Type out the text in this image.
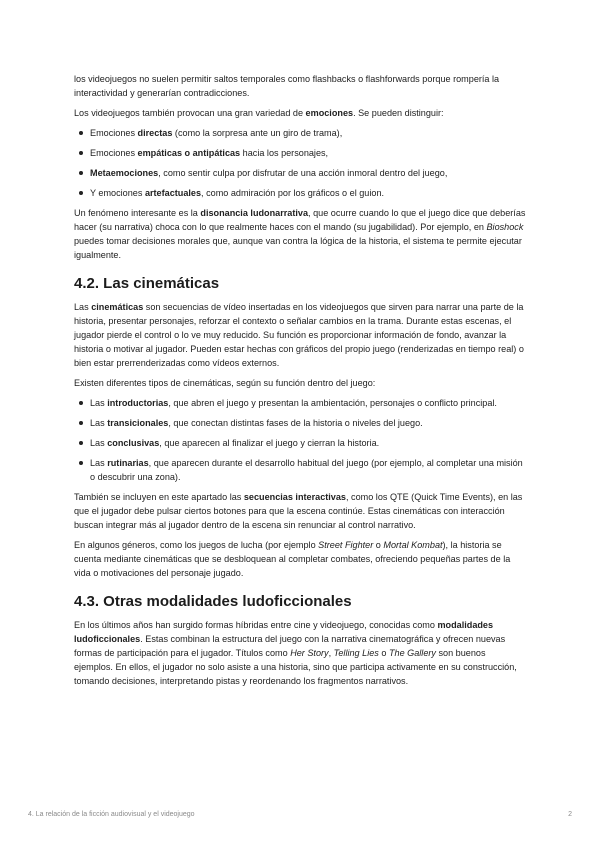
los videojuegos no suelen permitir saltos temporales como flashbacks o flashforwards porque rompería la interactividad y generarían contradicciones.

Los videojuegos también provocan una gran variedad de emociones. Se pueden distinguir:

Emociones directas (como la sorpresa ante un giro de trama),
Emociones empáticas o antipáticas hacia los personajes,
Metaemociones, como sentir culpa por disfrutar de una acción inmoral dentro del juego,
Y emociones artefactuales, como admiración por los gráficos o el guion.

Un fenómeno interesante es la disonancia ludonarrativa, que ocurre cuando lo que el juego dice que deberías hacer (su narrativa) choca con lo que realmente haces con el mando (su jugabilidad). Por ejemplo, en Bioshock puedes tomar decisiones morales que, aunque van contra la lógica de la historia, el sistema te permite ejecutar igualmente.

4.2. Las cinemáticas

Las cinemáticas son secuencias de vídeo insertadas en los videojuegos que sirven para narrar una parte de la historia, presentar personajes, reforzar el contexto o señalar cambios en la trama. Durante estas escenas, el jugador pierde el control o lo ve muy reducido. Su función es proporcionar información de fondo, avanzar la historia o motivar al jugador. Pueden estar hechas con gráficos del propio juego (renderizadas en tiempo real) o bien estar prerrenderizadas como vídeos externos.

Existen diferentes tipos de cinemáticas, según su función dentro del juego:

Las introductorias, que abren el juego y presentan la ambientación, personajes o conflicto principal.
Las transicionales, que conectan distintas fases de la historia o niveles del juego.
Las conclusivas, que aparecen al finalizar el juego y cierran la historia.
Las rutinarias, que aparecen durante el desarrollo habitual del juego (por ejemplo, al completar una misión o descubrir una zona).

También se incluyen en este apartado las secuencias interactivas, como los QTE (Quick Time Events), en las que el jugador debe pulsar ciertos botones para que la escena continúe. Estas cinemáticas con interacción buscan integrar más al jugador dentro de la escena sin renunciar al control narrativo.

En algunos géneros, como los juegos de lucha (por ejemplo Street Fighter o Mortal Kombat), la historia se cuenta mediante cinemáticas que se desbloquean al completar combates, ofreciendo pequeñas partes de la vida o motivaciones del personaje jugado.

4.3. Otras modalidades ludoficcionales

En los últimos años han surgido formas híbridas entre cine y videojuego, conocidas como modalidades ludoficcionales. Estas combinan la estructura del juego con la narrativa cinematográfica y ofrecen nuevas formas de participación para el jugador. Títulos como Her Story, Telling Lies o The Gallery son buenos ejemplos. En ellos, el jugador no solo asiste a una historia, sino que participa activamente en su construcción, tomando decisiones, interpretando pistas y reordenando los fragmentos narrativos.

4. La relación de la ficción audiovisual y el videojuego	2
